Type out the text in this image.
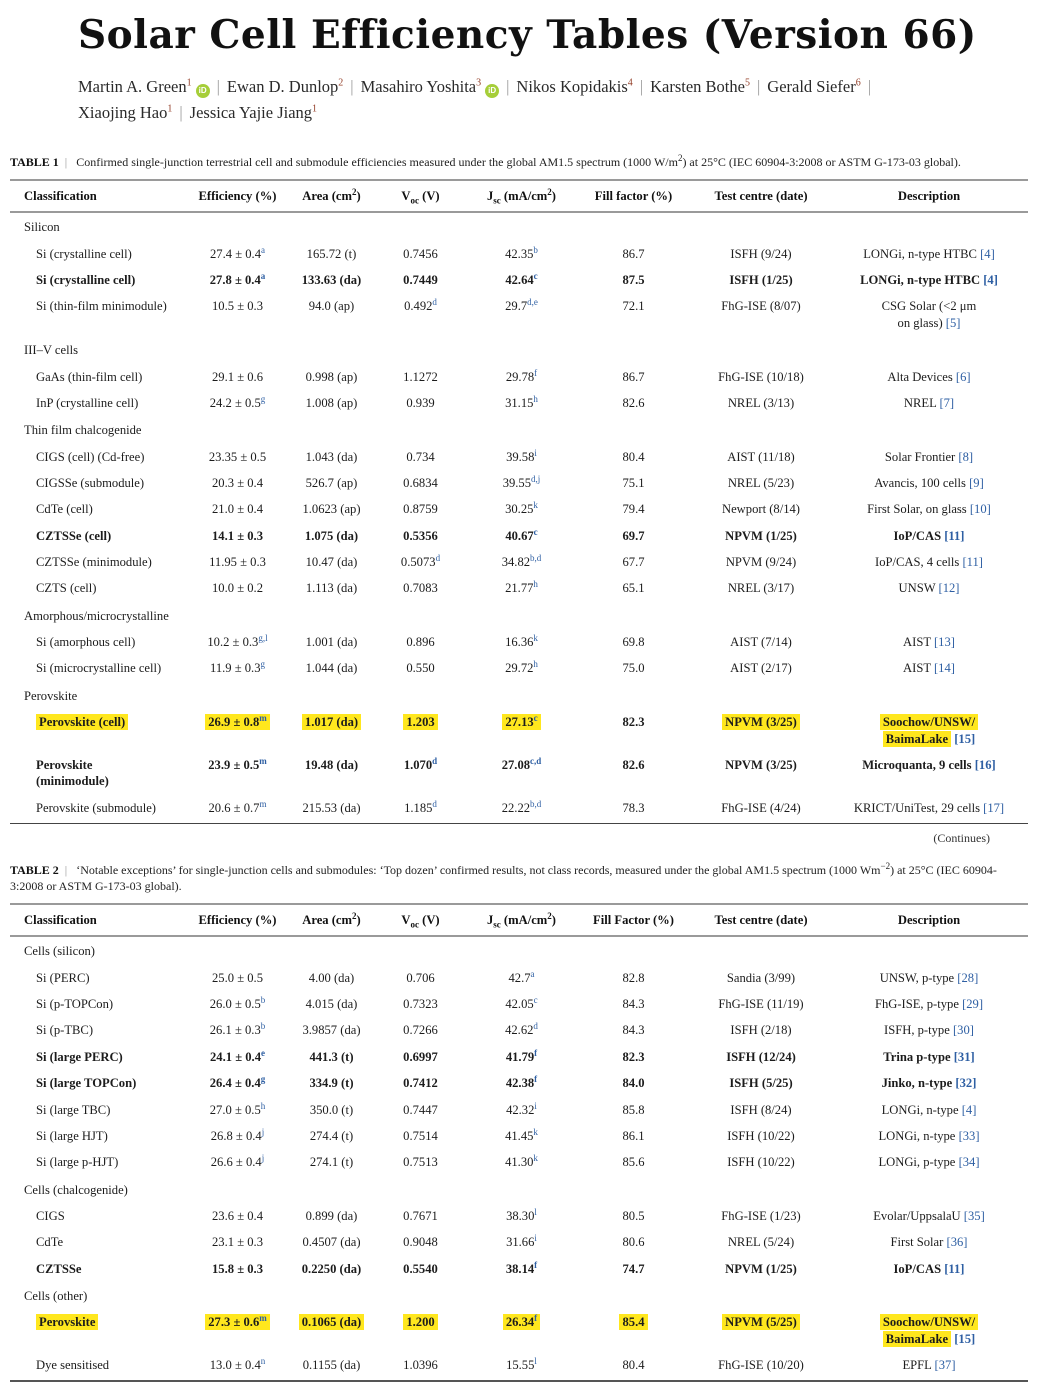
Solar Cell Efficiency Tables (Version 66)
Martin A. Green$^1$iD | Ewan D. Dunlop$^2$ | Masahiro Yoshita$^3$iD | Nikos Kopidakis$^4$ | Karsten Bothe$^5$ | Gerald Siefer$^6$ |
Xiaojing Hao$^1$ | Jessica Yajie Jiang$^1$
TABLE 1 | Confirmed single-junction terrestrial cell and submodule efficiencies measured under the global AM1.5 spectrum (1000 $W/m^2$) at 25°C (IEC 60904-3:2008 or ASTM G-173-03 global).
Classification	Efficiency (%)	Area $(cm^2)$	$V_{oc}$ (V)	$J_{sc}$ $(mA/cm^2)$	Fill factor (%)	Test centre (date)	Description
Silicon							
Si (crystalline cell)	27.4 ± 0.4$^a$	165.72 (t)	0.7456	42.35$^b$	86.7	ISFH (9/24)	LONGi, n-type HTBC [4]
Si (crystalline cell)	27.8 ± 0.4$^a$	133.63 (da)	0.7449	42.64$^c$	87.5	ISFH (1/25)	LONGi, n-type HTBC [4]
Si (thin-film minimodule)	10.5 ± 0.3	94.0 (ap)	0.492$^d$	29.7$^{d,e}$	72.1	FhG-ISE (8/07)	CSG Solar (<2 μm
on glass) [5]
III–V cells							
GaAs (thin-film cell)	29.1 ± 0.6	0.998 (ap)	1.1272	29.78$^f$	86.7	FhG-ISE (10/18)	Alta Devices [6]
InP (crystalline cell)	24.2 ± 0.5$^g$	1.008 (ap)	0.939	31.15$^h$	82.6	NREL (3/13)	NREL [7]
Thin film chalcogenide							
CIGS (cell) (Cd-free)	23.35 ± 0.5	1.043 (da)	0.734	39.58$^i$	80.4	AIST (11/18)	Solar Frontier [8]
CIGSSe (submodule)	20.3 ± 0.4	526.7 (ap)	0.6834	39.55$^{d,j}$	75.1	NREL (5/23)	Avancis, 100 cells [9]
CdTe (cell)	21.0 ± 0.4	1.0623 (ap)	0.8759	30.25$^k$	79.4	Newport (8/14)	First Solar, on glass [10]
CZTSSe (cell)	14.1 ± 0.3	1.075 (da)	0.5356	40.67$^c$	69.7	NPVM (1/25)	IoP/CAS [11]
CZTSSe (minimodule)	11.95 ± 0.3	10.47 (da)	0.5073$^d$	34.82$^{b,d}$	67.7	NPVM (9/24)	IoP/CAS, 4 cells [11]
CZTS (cell)	10.0 ± 0.2	1.113 (da)	0.7083	21.77$^h$	65.1	NREL (3/17)	UNSW [12]
Amorphous/microcrystalline							
Si (amorphous cell)	10.2 ± 0.3$^{g,l}$	1.001 (da)	0.896	16.36$^k$	69.8	AIST (7/14)	AIST [13]
Si (microcrystalline cell)	11.9 ± 0.3$^g$	1.044 (da)	0.550	29.72$^h$	75.0	AIST (2/17)	AIST [14]
Perovskite							
Perovskite (cell)	26.9 ± 0.8$^m$	1.017 (da)	1.203	27.13$^c$	82.3	NPVM (3/25)	Soochow/UNSW/
BaimaLake [15]
Perovskite
(minimodule)	23.9 ± 0.5$^m$	19.48 (da)	1.070$^d$	27.08$^{c,d}$	82.6	NPVM (3/25)	Microquanta, 9 cells [16]
Perovskite (submodule)	20.6 ± 0.7$^m$	215.53 (da)	1.185$^d$	22.22$^{b,d}$	78.3	FhG-ISE (4/24)	KRICT/UniTest, 29 cells [17]
(Continues)
TABLE 2 | ‘Notable exceptions’ for single-junction cells and submodules: ‘Top dozen’ confirmed results, not class records, measured under the global AM1.5 spectrum (1000 $Wm^{-2}$) at 25°C (IEC 60904-3:2008 or ASTM G-173-03 global).
Classification	Efficiency (%)	Area $(cm^2)$	$V_{oc}$ (V)	$J_{sc}$ $(mA/cm^2)$	Fill Factor (%)	Test centre (date)	Description
Cells (silicon)							
Si (PERC)	25.0 ± 0.5	4.00 (da)	0.706	42.7$^a$	82.8	Sandia (3/99)	UNSW, p-type [28]
Si (p-TOPCon)	26.0 ± 0.5$^b$	4.015 (da)	0.7323	42.05$^c$	84.3	FhG-ISE (11/19)	FhG-ISE, p-type [29]
Si (p-TBC)	26.1 ± 0.3$^b$	3.9857 (da)	0.7266	42.62$^d$	84.3	ISFH (2/18)	ISFH, p-type [30]
Si (large PERC)	24.1 ± 0.4$^e$	441.3 (t)	0.6997	41.79$^f$	82.3	ISFH (12/24)	Trina p-type [31]
Si (large TOPCon)	26.4 ± 0.4$^g$	334.9 (t)	0.7412	42.38$^f$	84.0	ISFH (5/25)	Jinko, n-type [32]
Si (large TBC)	27.0 ± 0.5$^h$	350.0 (t)	0.7447	42.32$^i$	85.8	ISFH (8/24)	LONGi, n-type [4]
Si (large HJT)	26.8 ± 0.4$^j$	274.4 (t)	0.7514	41.45$^k$	86.1	ISFH (10/22)	LONGi, n-type [33]
Si (large p-HJT)	26.6 ± 0.4$^j$	274.1 (t)	0.7513	41.30$^k$	85.6	ISFH (10/22)	LONGi, p-type [34]
Cells (chalcogenide)							
CIGS	23.6 ± 0.4	0.899 (da)	0.7671	38.30$^l$	80.5	FhG-ISE (1/23)	Evolar/UppsalaU [35]
CdTe	23.1 ± 0.3	0.4507 (da)	0.9048	31.66$^i$	80.6	NREL (5/24)	First Solar [36]
CZTSSe	15.8 ± 0.3	0.2250 (da)	0.5540	38.14$^f$	74.7	NPVM (1/25)	IoP/CAS [11]
Cells (other)							
Perovskite	27.3 ± 0.6$^m$	0.1065 (da)	1.200	26.34$^f$	85.4	NPVM (5/25)	Soochow/UNSW/
BaimaLake [15]
Dye sensitised	13.0 ± 0.4$^n$	0.1155 (da)	1.0396	15.55$^l$	80.4	FhG-ISE (10/20)	EPFL [37]
